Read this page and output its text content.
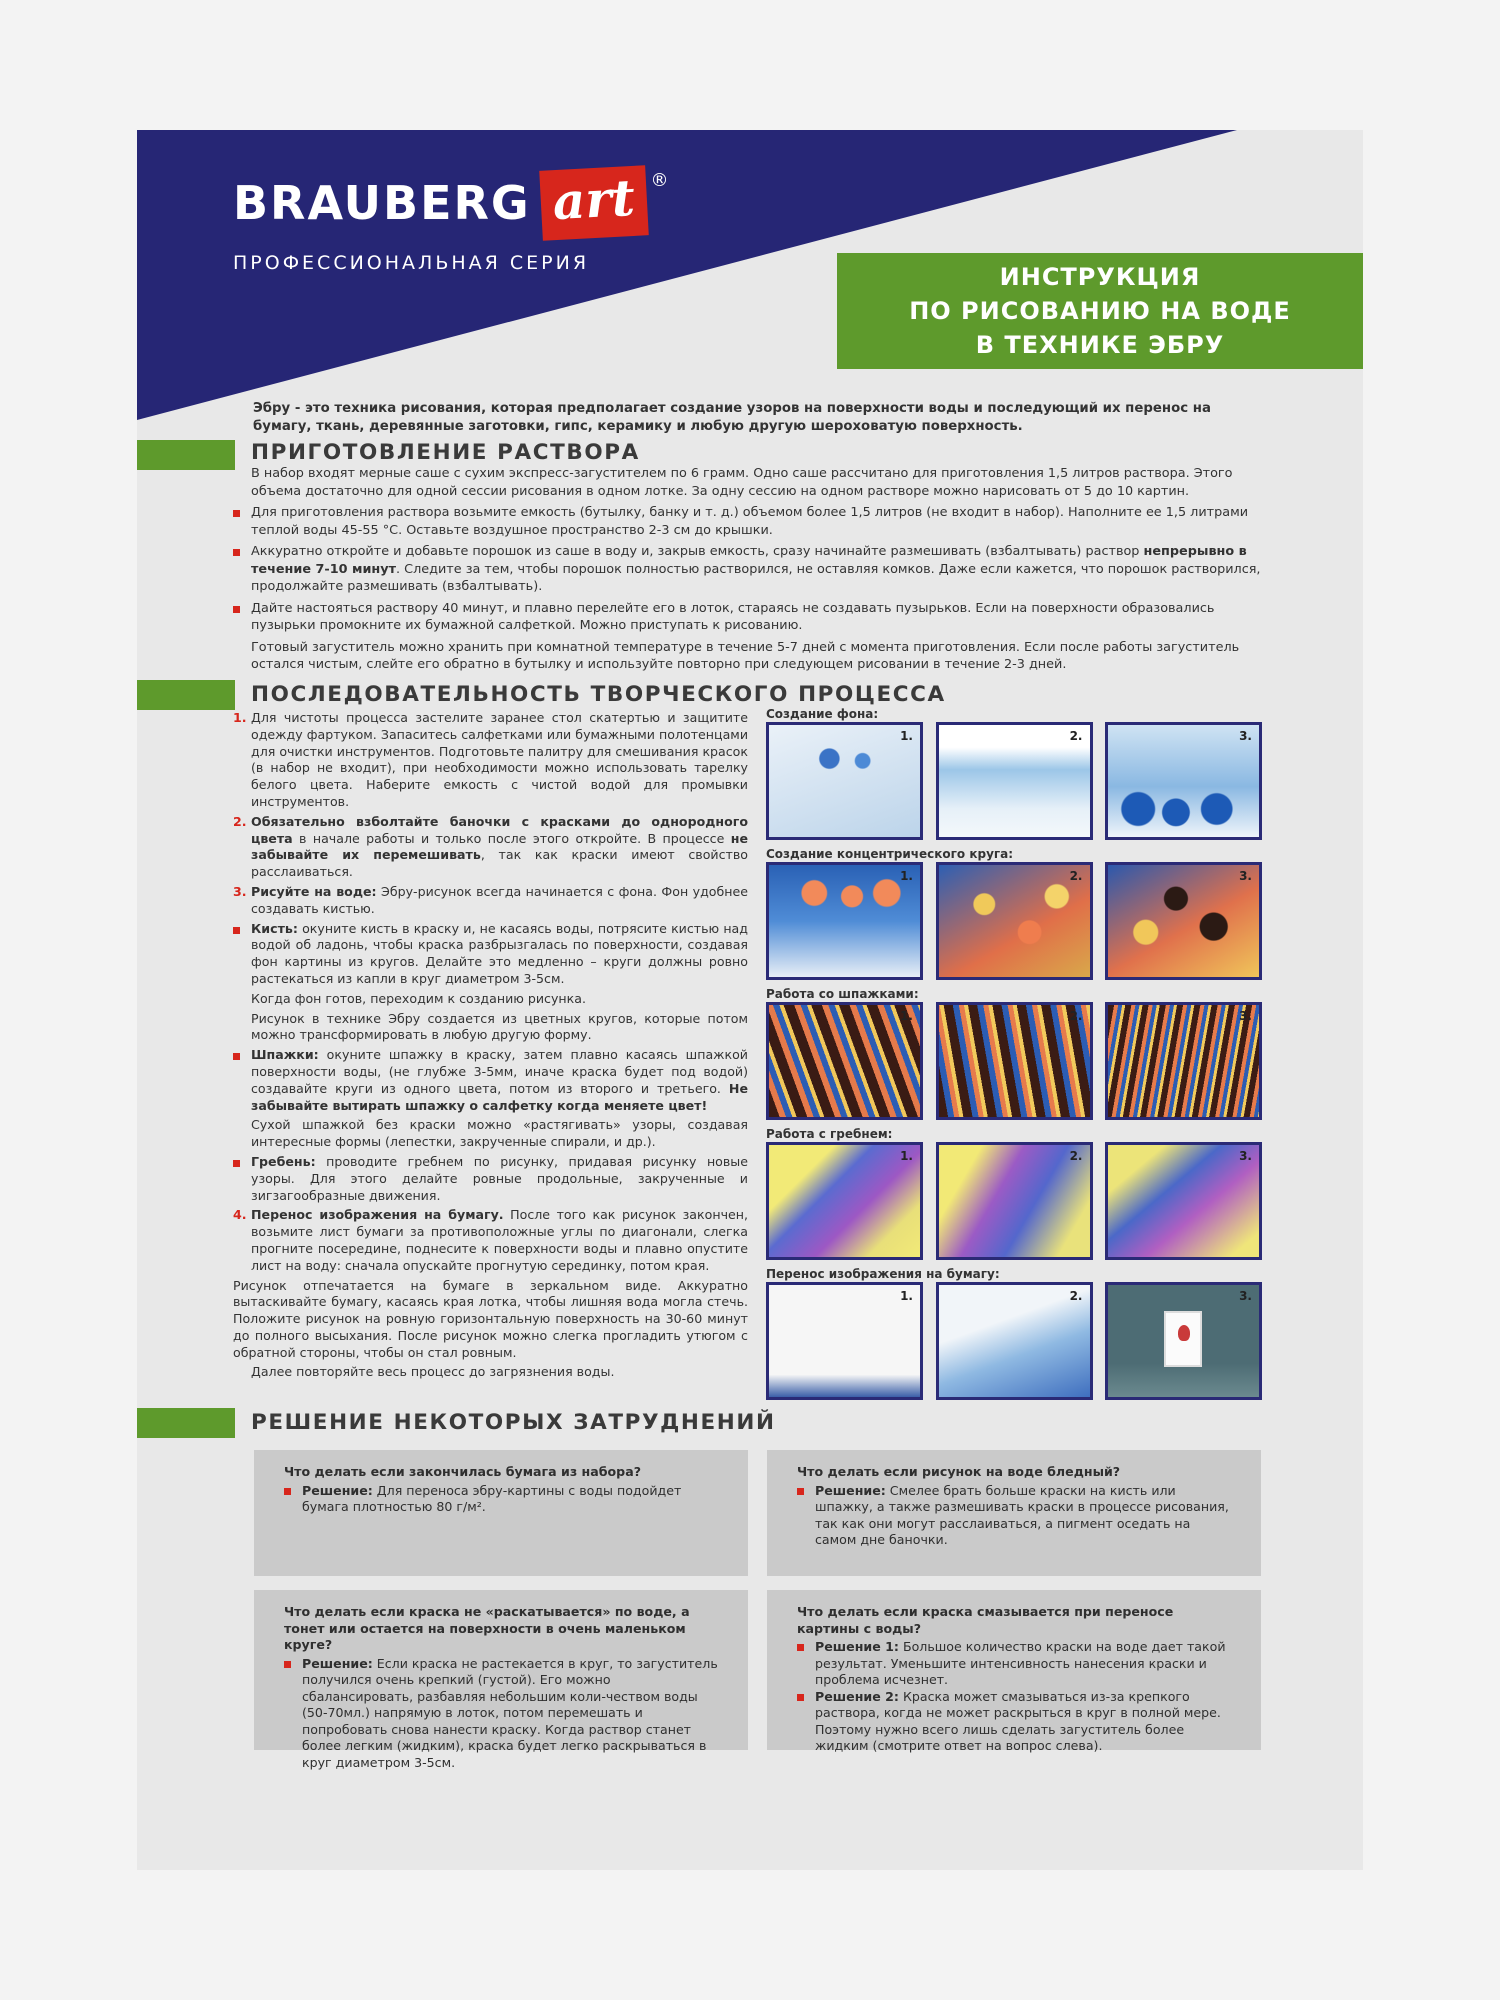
BRAUBERG art ®
ПРОФЕССИОНАЛЬНАЯ СЕРИЯ	ИНСТРУКЦИЯ
ПО РИСОВАНИЮ НА ВОДЕ
В ТЕХНИКЕ ЭБРУ
Эбру - это техника рисования, которая предполагает создание узоров на поверхности воды и последующий их перенос на бумагу, ткань, деревянные заготовки, гипс, керамику и любую другую шероховатую поверхность.
ПРИГОТОВЛЕНИЕ РАСТВОРА

В набор входят мерные саше с сухим экспресс-загустителем по 6 грамм. Одно саше рассчитано для приготовления 1,5 литров раствора. Этого объема достаточно для одной сессии рисования в одном лотке. За одну сессию на одном растворе можно нарисовать от 5 до 10 картин.

Для приготовления раствора возьмите емкость (бутылку, банку и т. д.) объемом более 1,5 литров (не входит в набор). Наполните ее 1,5 литрами теплой воды 45-55 °С. Оставьте воздушное пространство 2-3 см до крышки.

Аккуратно откройте и добавьте порошок из саше в воду и, закрыв емкость, сразу начинайте размешивать (взбалтывать) раствор непрерывно в течение 7-10 минут. Следите за тем, чтобы порошок полностью растворился, не оставляя комков. Даже если кажется, что порошок растворился, продолжайте размешивать (взбалтывать).

Дайте настояться раствору 40 минут, и плавно перелейте его в лоток, стараясь не создавать пузырьков. Если на поверхности образовались пузырьки промокните их бумажной салфеткой. Можно приступать к рисованию.

Готовый загуститель можно хранить при комнатной температуре в течение 5-7 дней с момента приготовления. Если после работы загуститель остался чистым, слейте его обратно в бутылку и используйте повторно при следующем рисовании в течение 2-3 дней.

ПОСЛЕДОВАТЕЛЬНОСТЬ ТВОРЧЕСКОГО ПРОЦЕССА

1. Для чистоты процесса застелите заранее стол скатертью и защитите одежду фартуком. Запаситесь салфетками или бумажными полотенцами для очистки инструментов. Подготовьте палитру для смешивания красок (в набор не входит), при необходимости можно использовать тарелку белого цвета. Наберите емкость с чистой водой для промывки инструментов.

2. Обязательно взболтайте баночки с красками до однородного цвета в начале работы и только после этого откройте. В процессе не забывайте их перемешивать, так как краски имеют свойство расслаиваться.

3. Рисуйте на воде: Эбру-рисунок всегда начинается с фона. Фон удобнее создавать кистью.

Кисть: окуните кисть в краску и, не касаясь воды, потрясите кистью над водой об ладонь, чтобы краска разбрызгалась по поверхности, создавая фон картины из кругов. Делайте это медленно – круги должны ровно растекаться из капли в круг диаметром 3-5см.

Когда фон готов, переходим к созданию рисунка.

Рисунок в технике Эбру создается из цветных кругов, которые потом можно трансформировать в любую другую форму.

Шпажки: окуните шпажку в краску, затем плавно касаясь шпажкой поверхности воды, (не глубже 3-5мм, иначе краска будет под водой) создавайте круги из одного цвета, потом из второго и третьего. Не забывайте вытирать шпажку о салфетку когда меняете цвет!

Сухой шпажкой без краски можно «растягивать» узоры, создавая интересные формы (лепестки, закрученные спирали, и др.).

Гребень: проводите гребнем по рисунку, придавая рисунку новые узоры. Для этого делайте ровные продольные, закрученные и зигзагообразные движения.

4. Перенос изображения на бумагу. После того как рисунок закончен, возьмите лист бумаги за противоположные углы по диагонали, слегка прогните посередине, поднесите к поверхности воды и плавно опустите лист на воду: сначала опускайте прогнутую серединку, потом края.

Рисунок отпечатается на бумаге в зеркальном виде. Аккуратно вытаскивайте бумагу, касаясь края лотка, чтобы лишняя вода могла стечь. Положите рисунок на ровную горизонтальную поверхность на 30-60 минут до полного высыхания. После рисунок можно слегка прогладить утюгом с обратной стороны, чтобы он стал ровным.

Далее повторяйте весь процесс до загрязнения воды.

Создание фона:
1.	2.	3.
Создание концентрического круга:
1.	2.	3.
Работа со шпажками:
1.	2.	3.
Работа с гребнем:
1.	2.	3.
Перенос изображения на бумагу:
1.	2.	3.
РЕШЕНИЕ НЕКОТОРЫХ ЗАТРУДНЕНИЙ

Что делать если закончилась бумага из набора?

Решение: Для переноса эбру-картины с воды подойдет бумага плотностью 80 г/м².

Что делать если рисунок на воде бледный?

Решение: Смелее брать больше краски на кисть или шпажку, а также размешивать краски в процессе рисования, так как они могут расслаиваться, а пигмент оседать на самом дне баночки.

Что делать если краска не «раскатывается» по воде, а тонет или остается на поверхности в очень маленьком круге?

Решение: Если краска не растекается в круг, то загуститель получился очень крепкий (густой). Его можно сбалансировать, разбавляя небольшим коли-чеством воды (50-70мл.) напрямую в лоток, потом перемешать и попробовать снова нанести краску. Когда раствор станет более легким (жидким), краска будет легко раскрываться в круг диаметром 3-5см.

Что делать если краска смазывается при переносе картины с воды?

Решение 1: Большое количество краски на воде дает такой результат. Уменьшите интенсивность нанесения краски и проблема исчезнет.

Решение 2: Краска может смазываться из-за крепкого раствора, когда не может раскрыться в круг в полной мере. Поэтому нужно всего лишь сделать загуститель более жидким (смотрите ответ на вопрос слева).
